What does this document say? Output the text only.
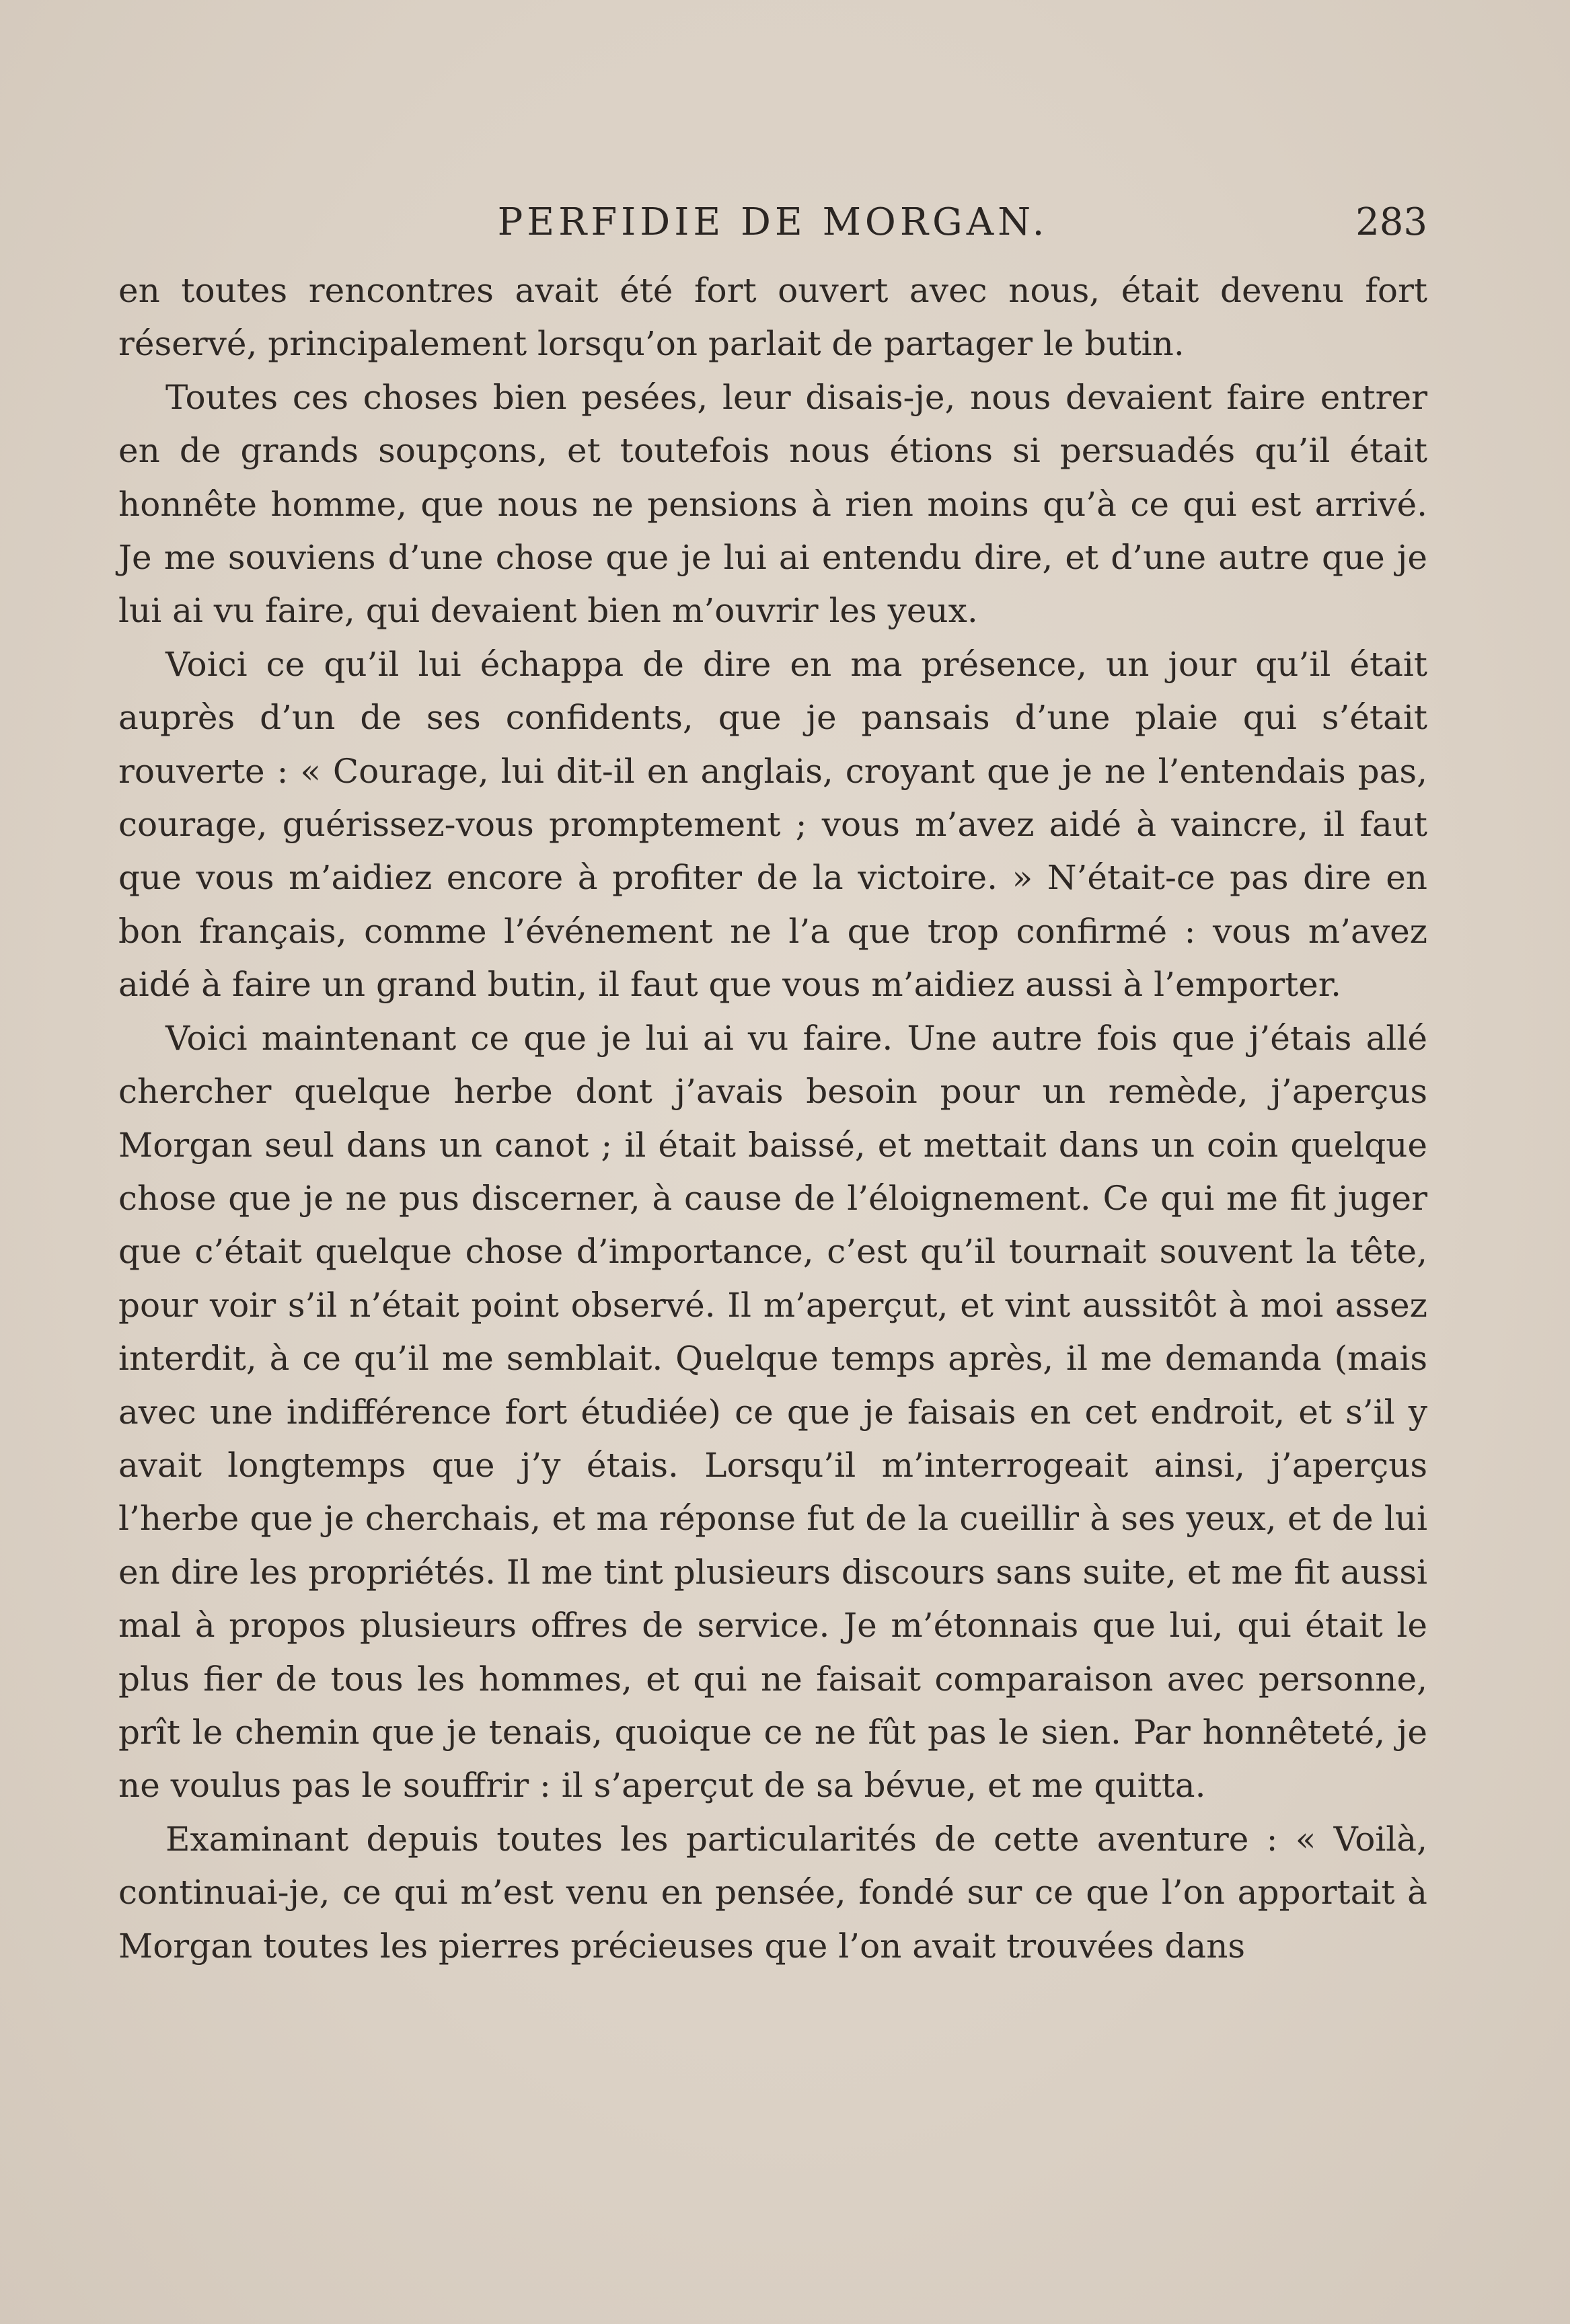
PERFIDIE DE MORGAN.	283

en toutes rencontres avait été fort ouvert avec nous, était devenu fort réservé, principalement lorsqu’on parlait de partager le butin.

Toutes ces choses bien pesées, leur disais-je, nous devaient faire entrer en de grands soupçons, et toutefois nous étions si persuadés qu’il était honnête homme, que nous ne pensions à rien moins qu’à ce qui est arrivé. Je me souviens d’une chose que je lui ai entendu dire, et d’une autre que je lui ai vu faire, qui devaient bien m’ouvrir les yeux.

Voici ce qu’il lui échappa de dire en ma présence, un jour qu’il était auprès d’un de ses confidents, que je pansais d’une plaie qui s’était rouverte : « Courage, lui dit-il en anglais, croyant que je ne l’entendais pas, courage, guérissez-vous promptement ; vous m’avez aidé à vaincre, il faut que vous m’aidiez encore à profiter de la victoire. » N’était-ce pas dire en bon français, comme l’événement ne l’a que trop confirmé : vous m’avez aidé à faire un grand butin, il faut que vous m’aidiez aussi à l’emporter.

Voici maintenant ce que je lui ai vu faire. Une autre fois que j’étais allé chercher quelque herbe dont j’avais besoin pour un remède, j’aperçus Morgan seul dans un canot ; il était baissé, et mettait dans un coin quelque chose que je ne pus discerner, à cause de l’éloignement. Ce qui me fit juger que c’était quelque chose d’importance, c’est qu’il tournait souvent la tête, pour voir s’il n’était point observé. Il m’aperçut, et vint aussitôt à moi assez interdit, à ce qu’il me semblait. Quelque temps après, il me demanda (mais avec une indifférence fort étudiée) ce que je faisais en cet endroit, et s’il y avait longtemps que j’y étais. Lorsqu’il m’interrogeait ainsi, j’aperçus l’herbe que je cherchais, et ma réponse fut de la cueillir à ses yeux, et de lui en dire les propriétés. Il me tint plusieurs discours sans suite, et me fit aussi mal à propos plusieurs offres de service. Je m’étonnais que lui, qui était le plus fier de tous les hommes, et qui ne faisait comparaison avec personne, prît le chemin que je tenais, quoique ce ne fût pas le sien. Par honnêteté, je ne voulus pas le souffrir : il s’aperçut de sa bévue, et me quitta.

Examinant depuis toutes les particularités de cette aventure : « Voilà, continuai-je, ce qui m’est venu en pensée, fondé sur ce que l’on apportait à Morgan toutes les pierres précieuses que l’on avait trouvées dans
